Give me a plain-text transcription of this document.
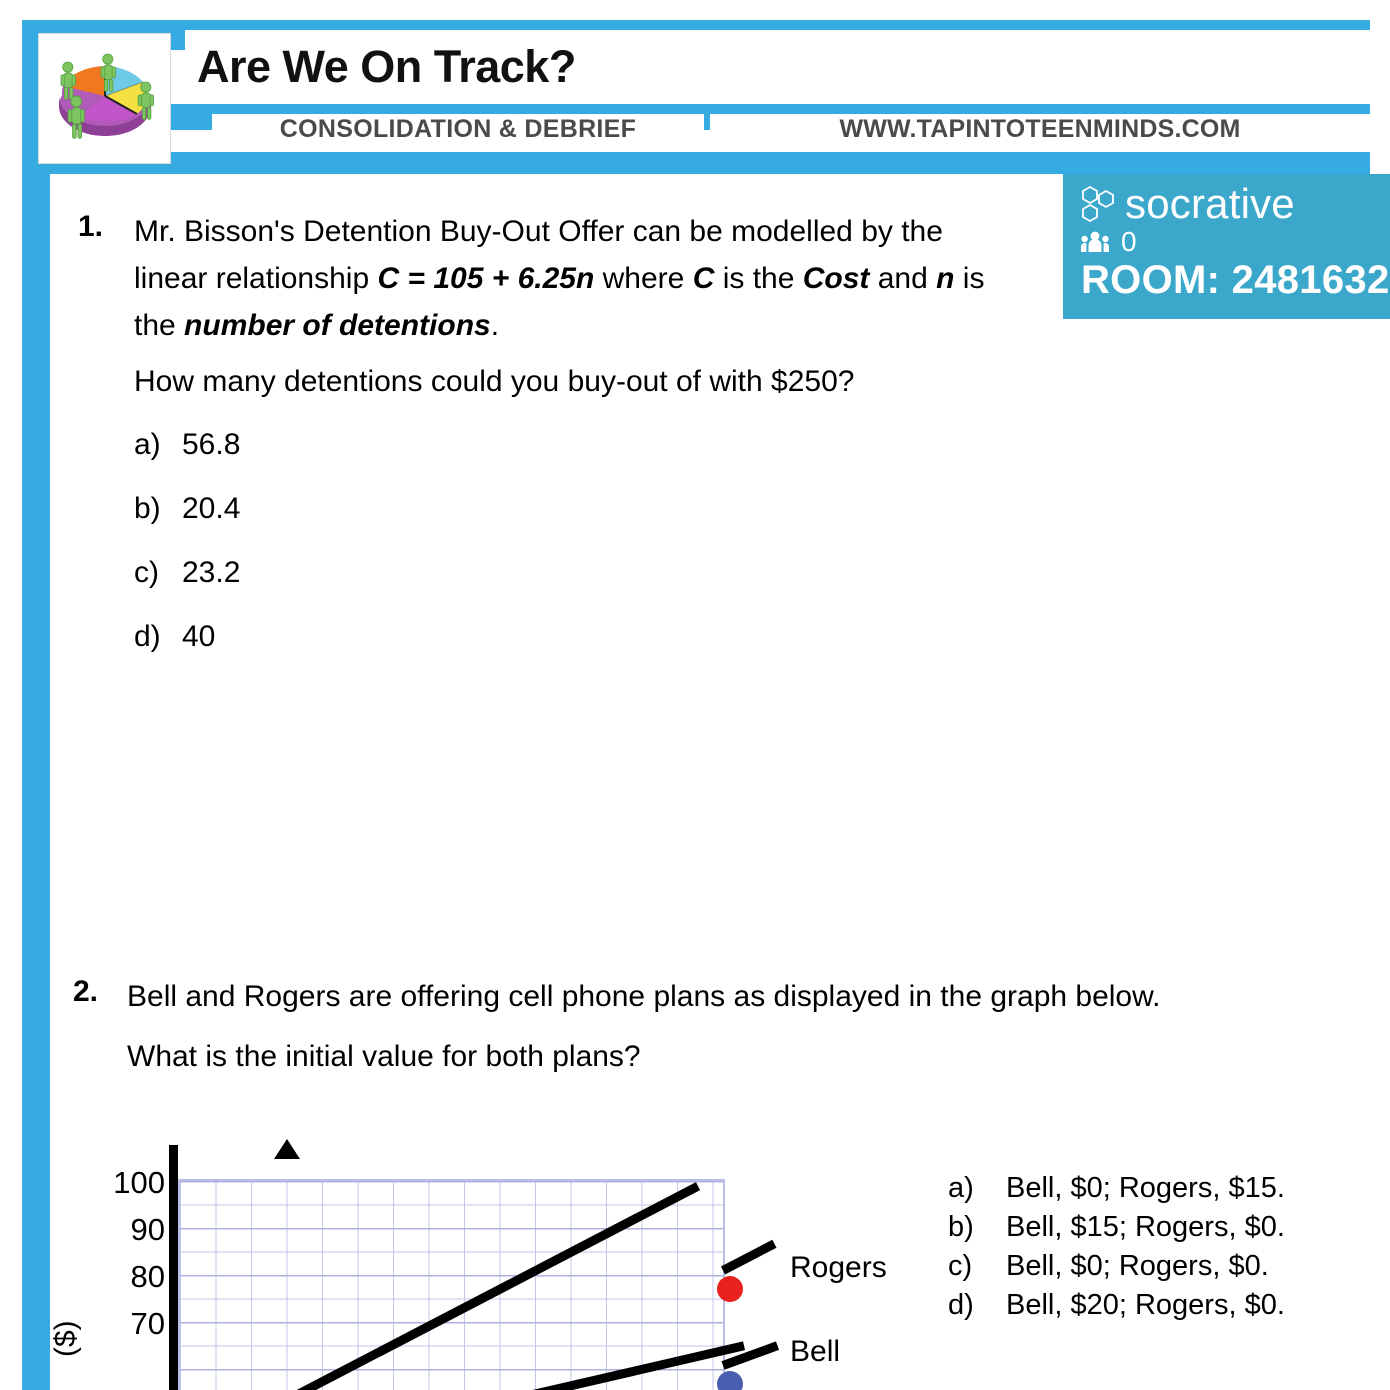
Are We On Track?
CONSOLIDATION & DEBRIEF	WWW.TAPINTOTEENMINDS.COM
socrative
0
ROOM: 2481632
1. Mr. Bisson's Detention Buy-Out Offer can be modelled by the linear relationship C = 105 + 6.25n where C is the Cost and n is the number of detentions.
How many detentions could you buy-out of with $250?
a) 56.8
b) 20.4
c) 23.2
d) 40
2. Bell and Rogers are offering cell phone plans as displayed in the graph below.
What is the initial value for both plans?
a)	Bell, $0; Rogers, $15.
b)	Bell, $15; Rogers, $0.
c)	Bell, $0; Rogers, $0.
d)	Bell, $20; Rogers, $0.
($)
100
90
80
70
Rogers
Bell
